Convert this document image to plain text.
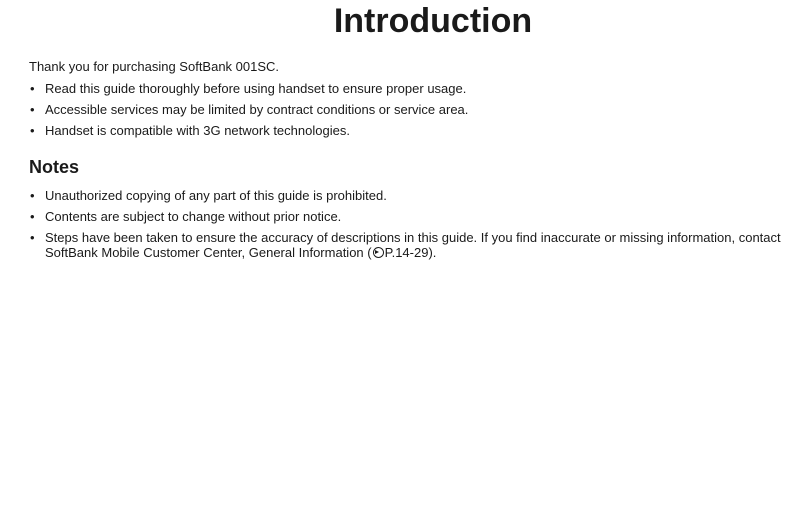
Introduction

Thank you for purchasing SoftBank 001SC.

• Read this guide thoroughly before using handset to ensure proper usage.
• Accessible services may be limited by contract conditions or service area.
• Handset is compatible with 3G network technologies.
Notes
• Unauthorized copying of any part of this guide is prohibited.
• Contents are subject to change without prior notice.
• Steps have been taken to ensure the accuracy of descriptions in this guide. If you find inaccurate or missing information, contact SoftBank Mobile Customer Center, General Information ( P.14-29).
